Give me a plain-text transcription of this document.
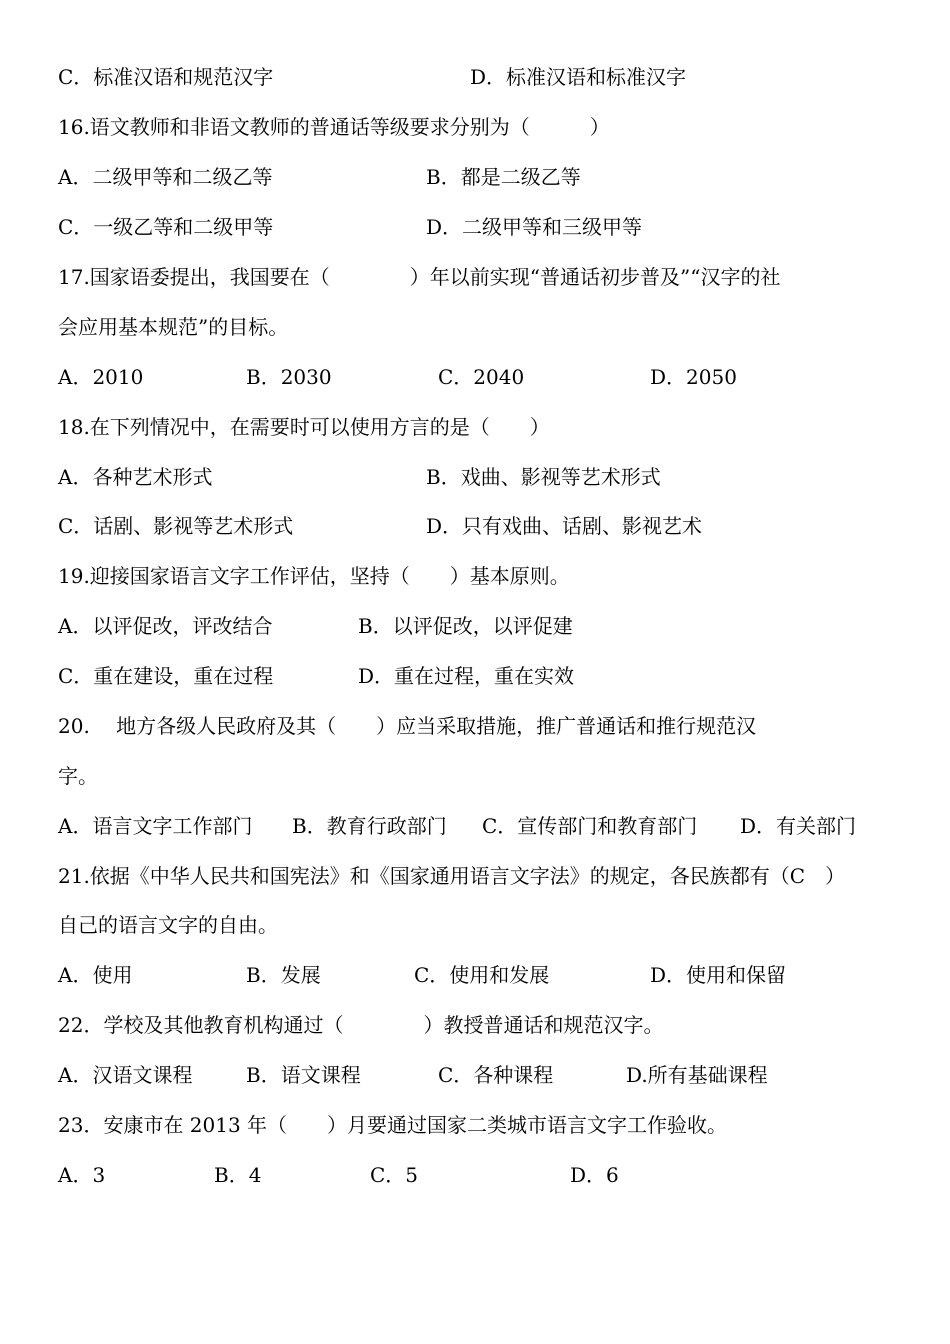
C．标准汉语和规范汉字	D．标准汉语和标准汉字
16.语文教师和非语文教师的普通话等级要求分别为（　　　）
A．二级甲等和二级乙等	B．都是二级乙等
C．一级乙等和二级甲等	D．二级甲等和三级甲等
17.国家语委提出，我国要在（　　　　）年以前实现“普通话初步普及”“汉字的社
会应用基本规范”的目标。
A．2010	B．2030	C．2040	D．2050
18.在下列情况中，在需要时可以使用方言的是（　　）
A．各种艺术形式	B．戏曲、影视等艺术形式
C．话剧、影视等艺术形式	D．只有戏曲、话剧、影视艺术
19.迎接国家语言文字工作评估，坚持（　　）基本原则。
A．以评促改，评改结合	B．以评促改，以评促建
C．重在建设，重在过程	D．重在过程，重在实效
20.　 地方各级人民政府及其（　　）应当采取措施，推广普通话和推行规范汉
字。
A．语言文字工作部门 B．教育行政部门 C．宣传部门和教育部门 D．有关部门
21.依据《中华人民共和国宪法》和《国家通用语言文字法》的规定，各民族都有（C　）
自己的语言文字的自由。
A．使用	B．发展	C．使用和发展	D．使用和保留
22．学校及其他教育机构通过（　　　　）教授普通话和规范汉字。
A．汉语文课程	B．语文课程	C．各种课程	D.所有基础课程
23．安康市在 2013 年（　　）月要通过国家二类城市语言文字工作验收。
A．3	B．4	C．5	D．6
